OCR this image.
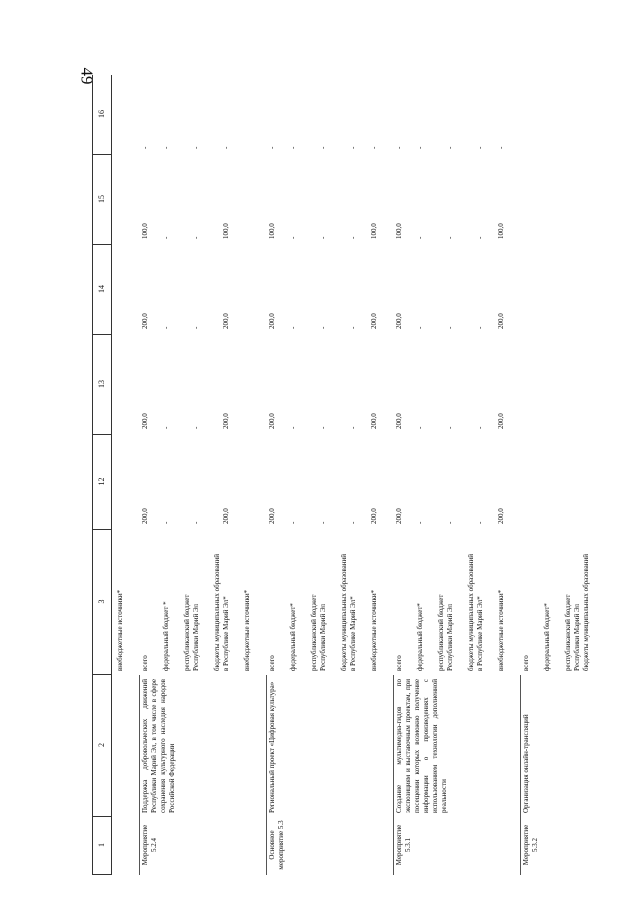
49
1
2
3
12
13
14
15
16
внебюджетные источники*
Мероприятие
5.2.4
Поддержка добровольческих движений Республики Марий Эл, в том числе в сфере сохранения культурного наследия народов Российской Федерации
всего
200,0
200,0
200,0
100,0
-
федеральный бюджет *
-
-
-
-
-
республиканский бюджет
Республики Марий Эл
-
-
-
-
-
бюджеты муниципальных образований
в Республике Марий Эл*
200,0
200,0
200,0
100,0
-
внебюджетные источники*
Основное
мероприятие 5.3
Региональный проект «Цифровая культура»
всего
200,0
200,0
200,0
100,0
-
федеральный бюджет*
-
-
-
-
-
республиканский бюджет
Республики Марий Эл
-
-
-
-
-
бюджеты муниципальных образований
в Республике Марий Эл*
-
-
-
-
-
внебюджетные источники*
200,0
200,0
200,0
100,0
-
Мероприятие
5.3.1
Создание мультимедиа-гидов по экспозициям и выставочным проектам, при посещении которых возможно получение информации о произведениях с использованием технологии дополненной реальности
всего
200,0
200,0
200,0
100,0
-
федеральный бюджет*
-
-
-
-
-
республиканский бюджет
Республики Марий Эл
-
-
-
-
-
бюджеты муниципальных образований
в Республике Марий Эл*
-
-
-
-
-
внебюджетные источники*
200,0
200,0
200,0
100,0
-
Мероприятие
5.3.2
Организация онлайн-трансляций
всего федеральный бюджет* республиканский бюджет
Республики Марий Эл
бюджеты муниципальных образований
